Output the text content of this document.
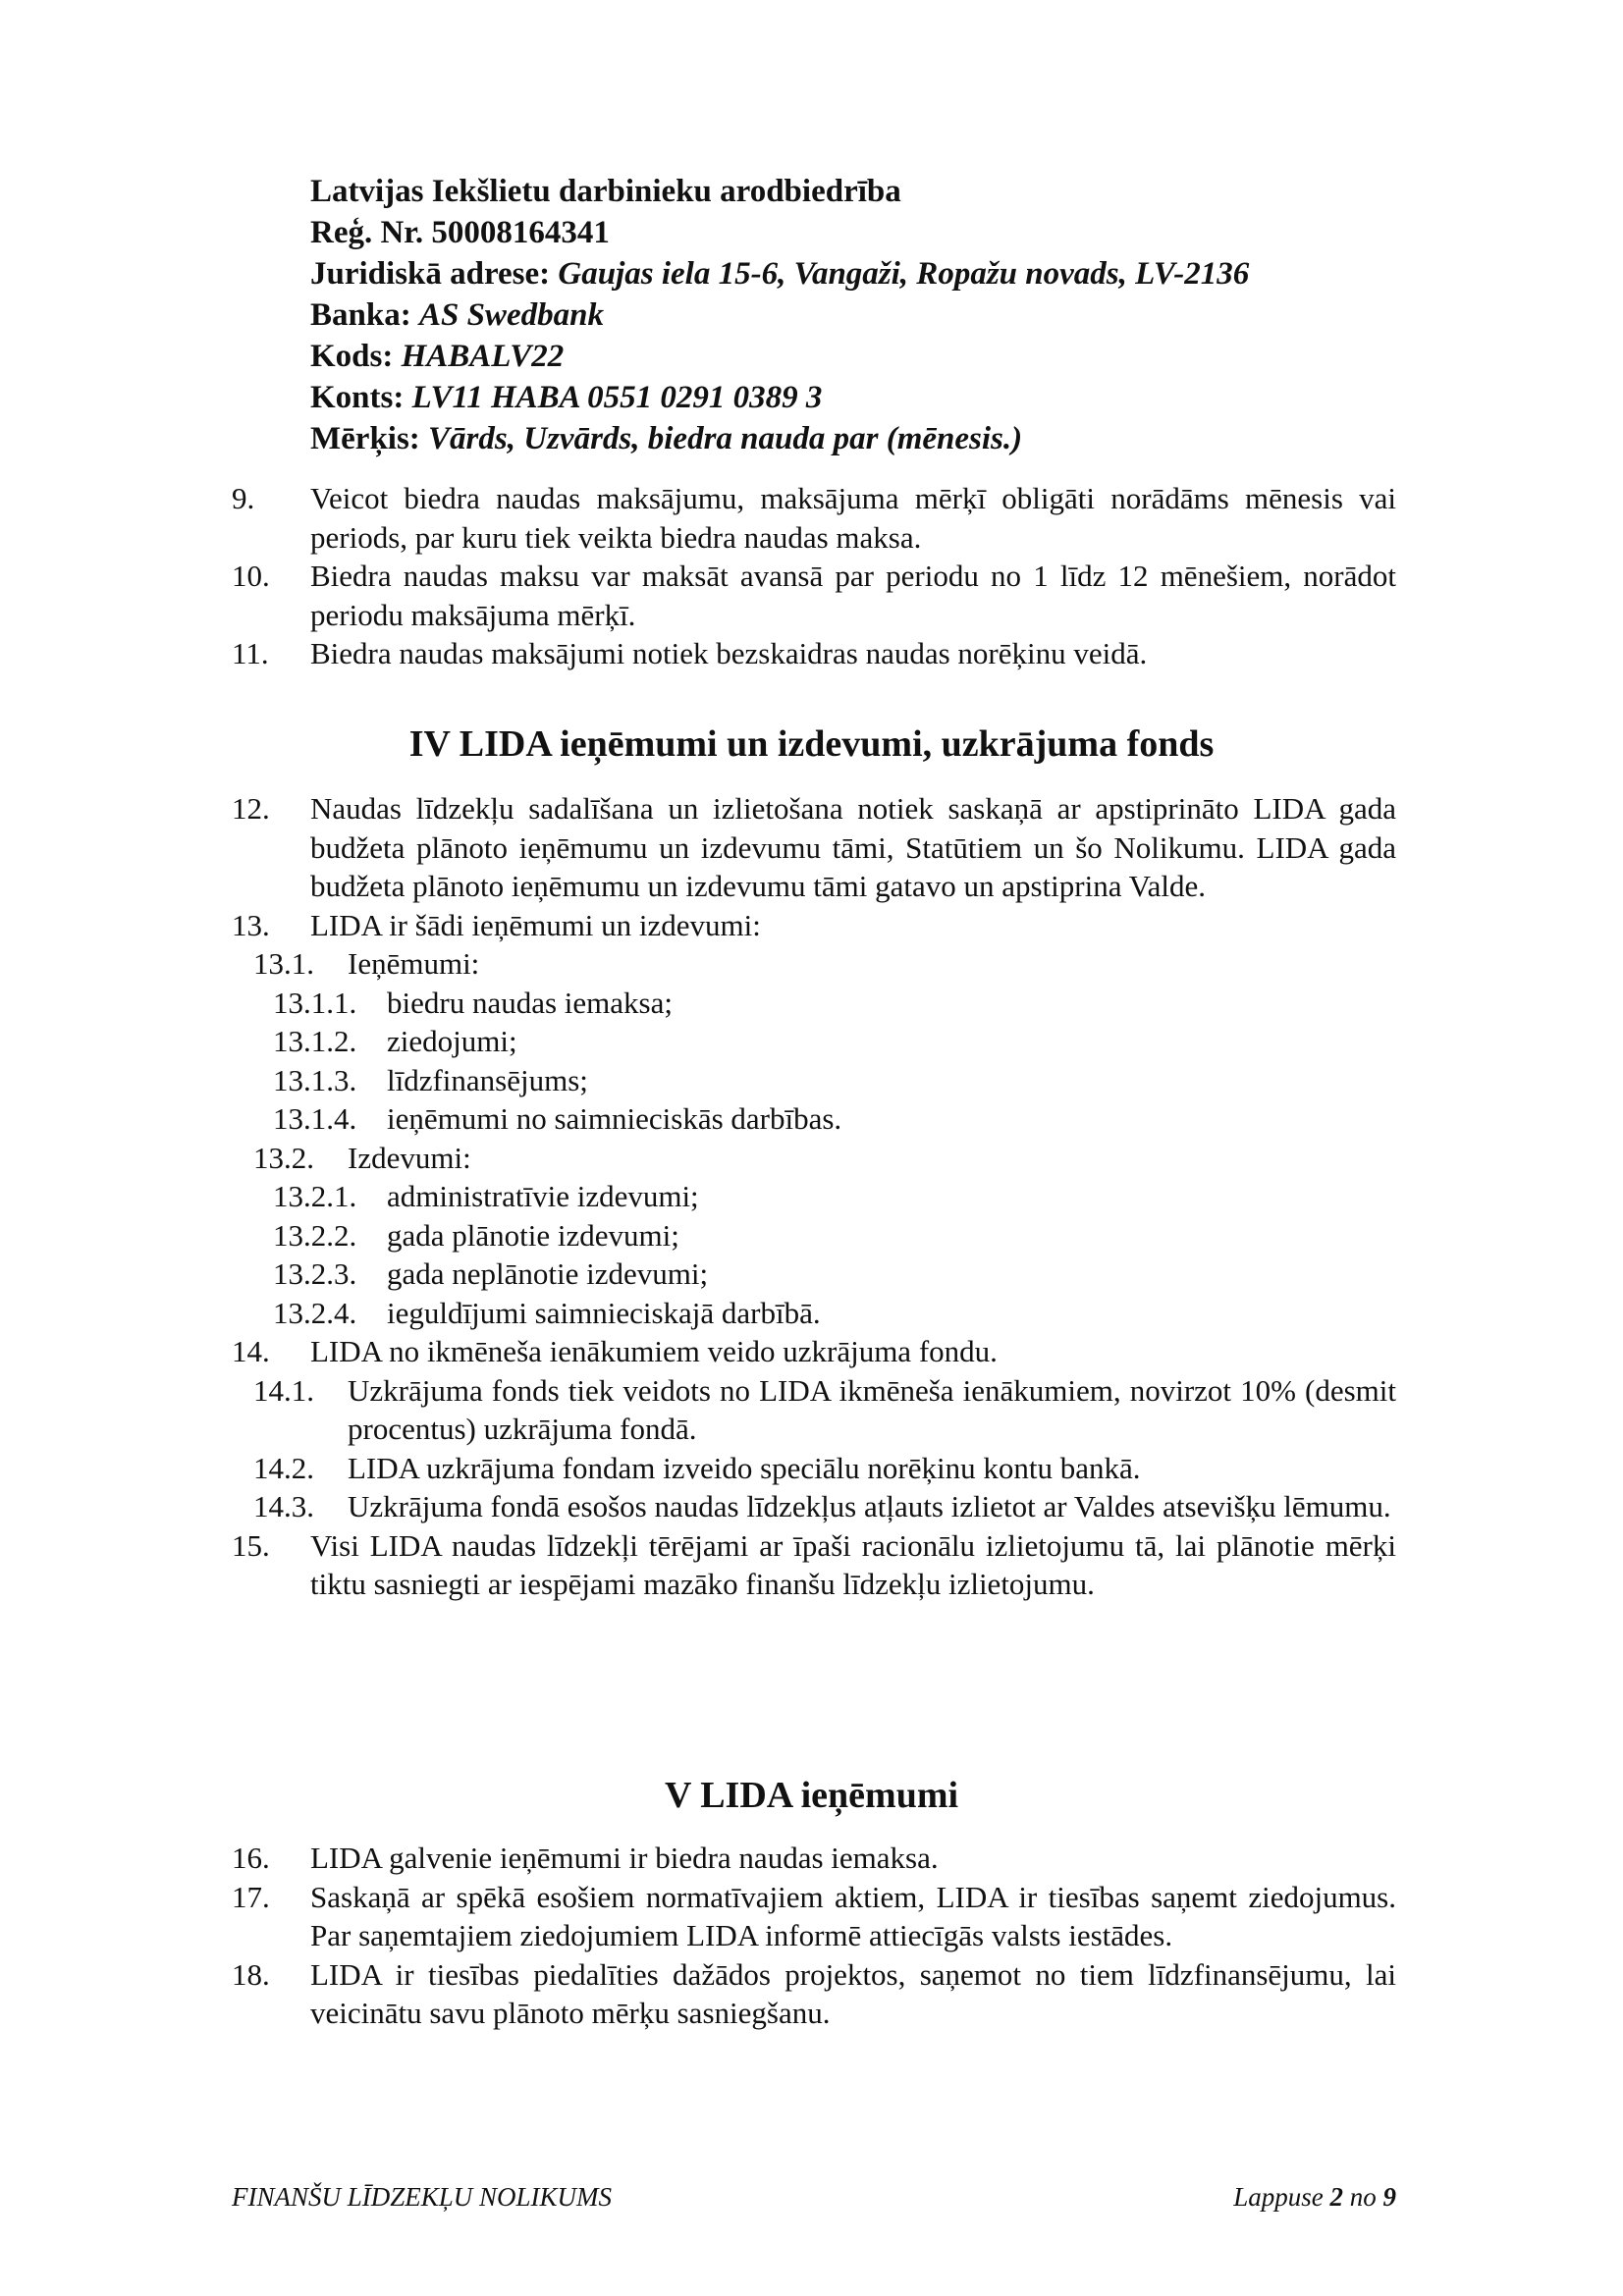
Latvijas Iekšlietu darbinieku arodbiedrība
Reģ. Nr. 50008164341
Juridiskā adrese: Gaujas iela 15-6, Vangaži, Ropažu novads, LV-2136
Banka: AS Swedbank
Kods: HABALV22
Konts: LV11 HABA 0551 0291 0389 3
Mērķis: Vārds, Uzvārds, biedra nauda par (mēnesis.)
9.	Veicot biedra naudas maksājumu, maksājuma mērķī obligāti norādāms mēnesis vai periods, par kuru tiek veikta biedra naudas maksa.
10.	Biedra naudas maksu var maksāt avansā par periodu no 1 līdz 12 mēnešiem, norādot periodu maksājuma mērķī.
11.	Biedra naudas maksājumi notiek bezskaidras naudas norēķinu veidā.
IV LIDA ieņēmumi un izdevumi, uzkrājuma fonds
12.	Naudas līdzekļu sadalīšana un izlietošana notiek saskaņā ar apstiprināto LIDA gada budžeta plānoto ieņēmumu un izdevumu tāmi, Statūtiem un šo Nolikumu. LIDA gada budžeta plānoto ieņēmumu un izdevumu tāmi gatavo un apstiprina Valde.
13.	LIDA ir šādi ieņēmumi un izdevumi:
13.1.	Ieņēmumi:
13.1.1. biedru naudas iemaksa;
13.1.2. ziedojumi;
13.1.3. līdzfinansējums;
13.1.4. ieņēmumi no saimnieciskās darbības.
13.2.	Izdevumi:
13.2.1. administratīvie izdevumi;
13.2.2. gada plānotie izdevumi;
13.2.3. gada neplānotie izdevumi;
13.2.4. ieguldījumi saimnieciskajā darbībā.
14.	LIDA no ikmēneša ienākumiem veido uzkrājuma fondu.
14.1.	Uzkrājuma fonds tiek veidots no LIDA ikmēneša ienākumiem, novirzot 10% (desmit procentus) uzkrājuma fondā.
14.2.	LIDA uzkrājuma fondam izveido speciālu norēķinu kontu bankā.
14.3.	Uzkrājuma fondā esošos naudas līdzekļus atļauts izlietot ar Valdes atsevišķu lēmumu.
15.	Visi LIDA naudas līdzekļi tērējami ar īpaši racionālu izlietojumu tā, lai plānotie mērķi tiktu sasniegti ar iespējami mazāko finanšu līdzekļu izlietojumu.
V LIDA ieņēmumi
16.	LIDA galvenie ieņēmumi ir biedra naudas iemaksa.
17.	Saskaņā ar spēkā esošiem normatīvajiem aktiem, LIDA ir tiesības saņemt ziedojumus. Par saņemtajiem ziedojumiem LIDA informē attiecīgās valsts iestādes.
18.	LIDA ir tiesības piedalīties dažādos projektos, saņemot no tiem līdzfinansējumu, lai veicinātu savu plānoto mērķu sasniegšanu.
FINANŠU LĪDZEKĻU NOLIKUMS	Lappuse 2 no 9
